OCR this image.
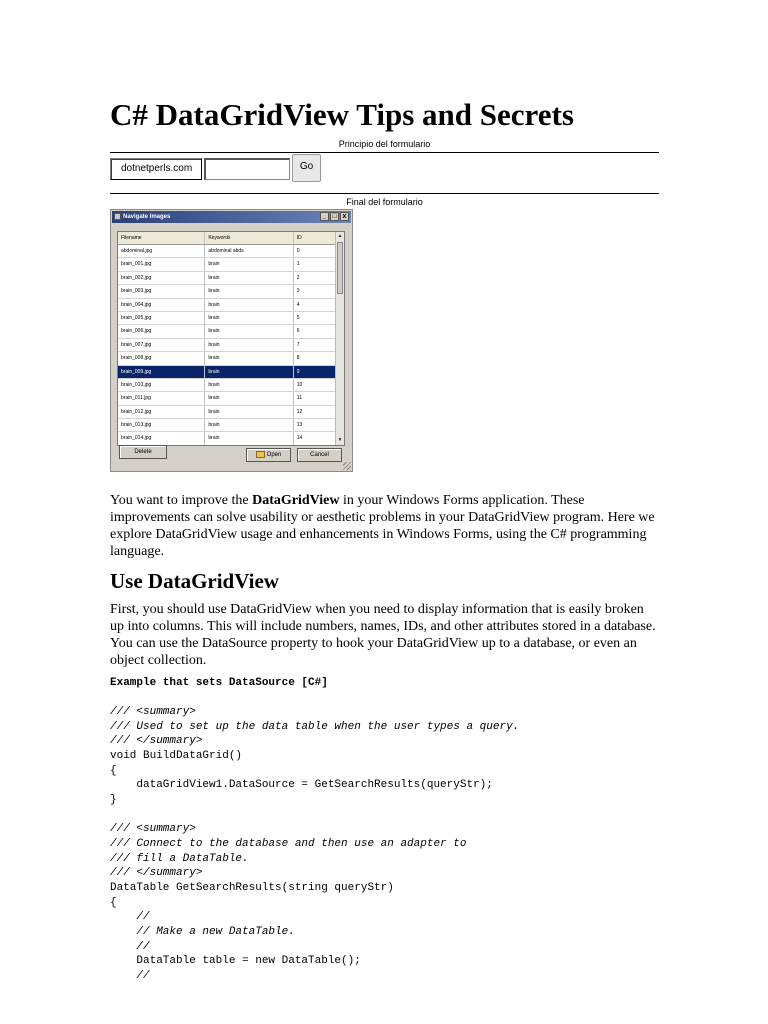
C# DataGridView Tips and Secrets
Principio del formulario
dotnetperls.com	Go
Final del formulario
Navigate Images	_ □ x
Filename	Keywords	ID
abdominal.jpg	abdominal abds	0
brain_001.jpg	brain	1
brain_002.jpg	brain	2
brain_003.jpg	brain	3
brain_004.jpg	brain	4
brain_005.jpg	brain	5
brain_006.jpg	brain	6
brain_007.jpg	brain	7
brain_008.jpg	brain	8
brain_009.jpg	brain	9
brain_010.jpg	brain	10
brain_011.jpg	brain	11
brain_012.jpg	brain	12
brain_013.jpg	brain	13
brain_014.jpg	brain	14
▲
▼
Delete	Open	Cancel

You want to improve the DataGridView in your Windows Forms application. These improvements can solve usability or aesthetic problems in your DataGridView program. Here we explore DataGridView usage and enhancements in Windows Forms, using the C# programming language.

Use DataGridView

First, you should use DataGridView when you need to display information that is easily broken up into columns. This will include numbers, names, IDs, and other attributes stored in a database. You can use the DataSource property to hook your DataGridView up to a database, or even an object collection.

Example that sets DataSource [C#]

/// <summary>
/// Used to set up the data table when the user types a query.
/// </summary>
void BuildDataGrid()
{
dataGridView1.DataSource = GetSearchResults(queryStr);
}
/// <summary>
/// Connect to the database and then use an adapter to
/// fill a DataTable.
/// </summary>
DataTable GetSearchResults(string queryStr)
{
//
// Make a new DataTable.
//
DataTable table = new DataTable();
//
